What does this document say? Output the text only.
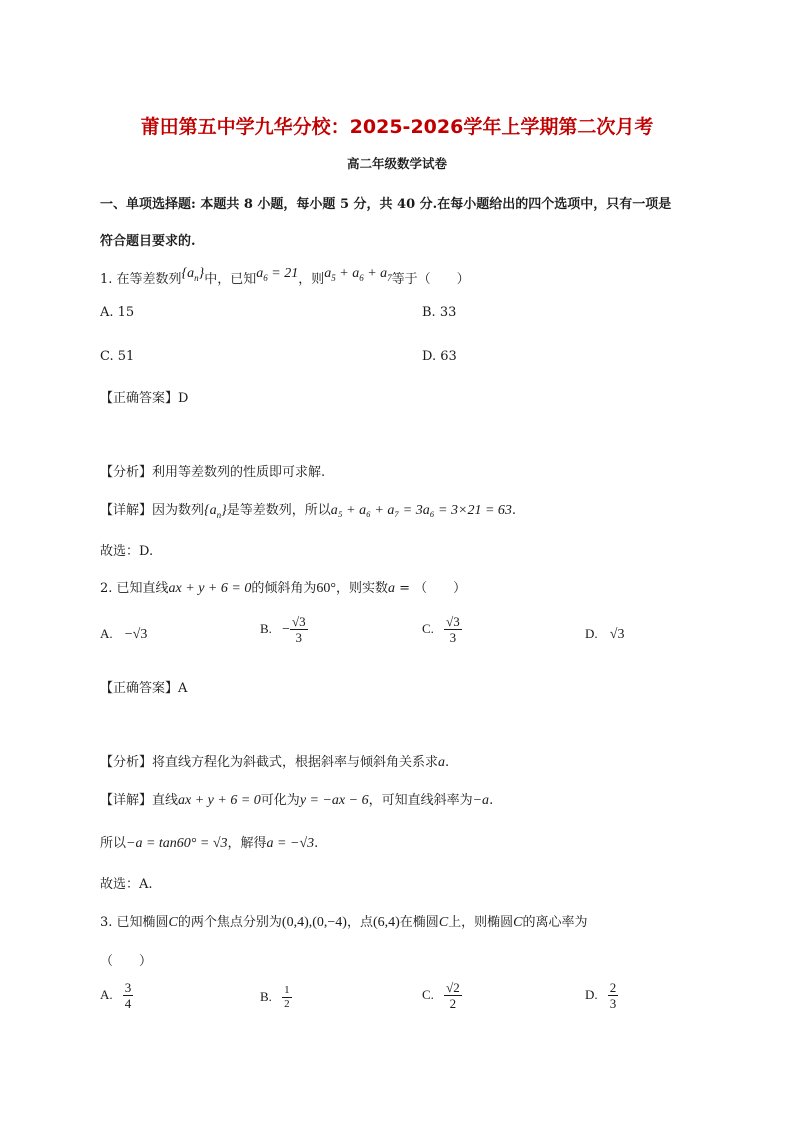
莆田第五中学九华分校：2025-2026学年上学期第二次月考
高二年级数学试卷
一、单项选择题: 本题共 8 小题，每小题 5 分，共 40 分.在每小题给出的四个选项中，只有一项是
符合题目要求的.
1. 在等差数列$\{a_n\}$中，已知$a_6 = 21$，则$a_5 + a_6 + a_7$等于（　　）
A. 15	B. 33
C. 51	D. 63
【正确答案】D
【分析】利用等差数列的性质即可求解.
【详解】因为数列$\{a_n\}$是等差数列，所以a₅ + a₆ + a₇ = 3a₆ = 3×21 = 63.
故选：D.
2. 已知直线ax + y + 6 = 0的倾斜角为60°，则实数a = （　　）
A. −√3	B. − $\frac{√3}{3}$	C. $\frac{√3}{3}$	D. √3
【正确答案】A
【分析】将直线方程化为斜截式，根据斜率与倾斜角关系求a.
【详解】直线ax + y + 6 = 0可化为y = −ax − 6，可知直线斜率为−a.
所以−a = tan60° = √3，解得a = −√3.
故选：A.
3. 已知椭圆C的两个焦点分别为(0,4),(0,−4)，点(6,4)在椭圆C上，则椭圆C的离心率为
（　　）
A. $\frac{3}{4}$	B. $\frac{1}{2}$	C. $\frac{√2}{2}$	D. $\frac{2}{3}$
